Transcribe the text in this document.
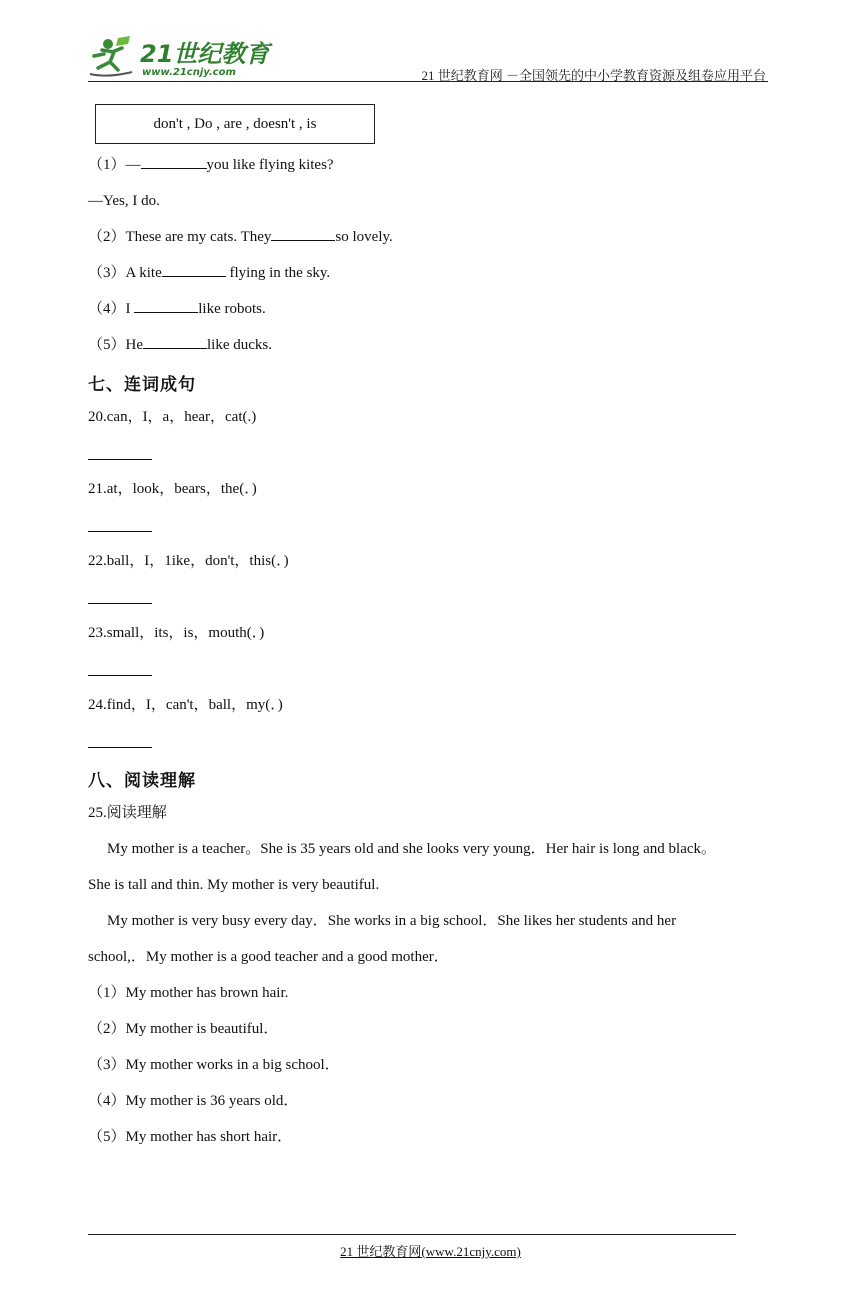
21世纪教育
www.21cnjy.com	21 世纪教育网 －全国领先的中小学教育资源及组卷应用平台
don't , Do , are , doesn't , is
（1）—	you like flying kites?
—Yes, I do.
（2）These are my cats. They	so lovely.
（3）A kite	flying in the sky.
（4）I	like robots.
（5）He	like ducks.
七、连词成句
20.can，I，a，hear，cat(.)
21.at，look，bears，the(．)
22.ball，I，1ike，don't，this(．)
23.small，its，is，mouth(．)
24.find，I，can't，ball，my(．)
八、阅读理解
25.阅读理解
My mother is a teacher。She is 35 years old and she looks very young．Her hair is long and black。
She is tall and thin. My mother is very beautiful.
My mother is very busy every day．She works in a big school．She likes her students and her
school,．My mother is a good teacher and a good mother．
（1）My mother has brown hair.
（2）My mother is beautiful．
（3）My mother works in a big school．
（4）My mother is 36 years old．
（5）My mother has short hair．
21 世纪教育网(www.21cnjy.com)
